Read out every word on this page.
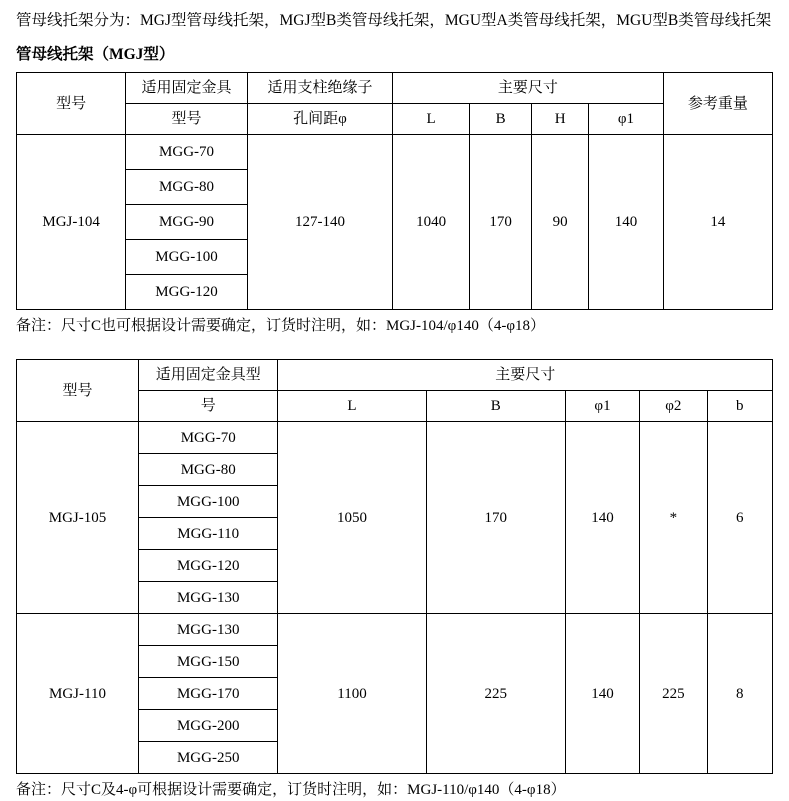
管母线托架分为：MGJ型管母线托架，MGJ型B类管母线托架，MGU型A类管母线托架，MGU型B类管母线托架

管母线托架（MGJ型）
型号	适用固定金具	适用支柱绝缘子	主要尺寸				参考重量
	型号	孔间距φ	L	B	H	φ1	
MGJ-104	MGG-70	127-140	1040	170	90	140	14
	MGG-80						
	MGG-90						
	MGG-100						
	MGG-120						

备注：尺寸C也可根据设计需要确定，订货时注明，如：MGJ-104/φ140（4-φ18）

型号	适用固定金具型	主要尺寸				
	号	L	B	φ1	φ2	b
MGJ-105	MGG-70	1050	170	140	*	6
	MGG-80					
	MGG-100					
	MGG-110					
	MGG-120					
	MGG-130					
MGJ-110	MGG-130	1100	225	140	225	8
	MGG-150					
	MGG-170					
	MGG-200					
	MGG-250					

备注：尺寸C及4-φ可根据设计需要确定，订货时注明，如：MGJ-110/φ140（4-φ18）
